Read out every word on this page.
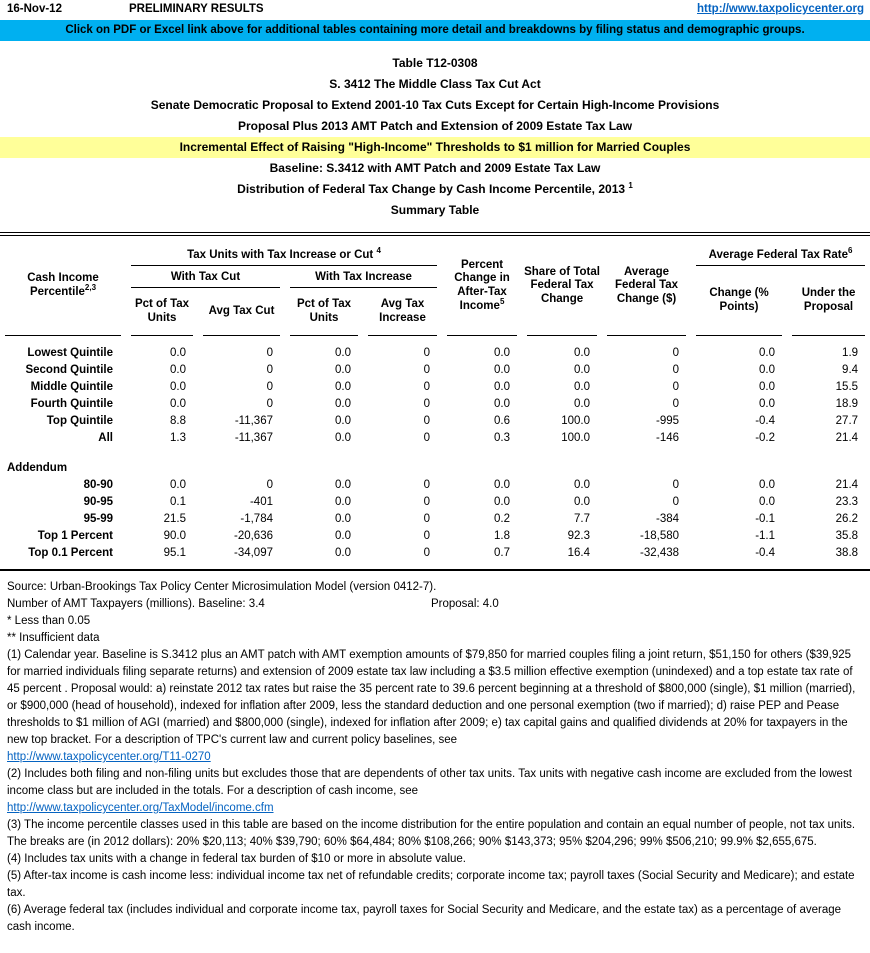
16-Nov-12	PRELIMINARY RESULTS	http://www.taxpolicycenter.org
Click on PDF or Excel link above for additional tables containing more detail and breakdowns by filing status and demographic groups.
Table T12-0308
S. 3412 The Middle Class Tax Cut Act
Senate Democratic Proposal to Extend 2001-10 Tax Cuts Except for Certain High-Income Provisions
Proposal Plus 2013 AMT Patch and Extension of 2009 Estate Tax Law
Incremental Effect of Raising "High-Income" Thresholds to $1 million for Married Couples
Baseline: S.3412 with AMT Patch and 2009 Estate Tax Law
Distribution of Federal Tax Change by Cash Income Percentile, 2013 $^1$
Summary Table
Cash Income Percentile$^{2,3}$	Tax Units with Tax Increase or Cut $^4$				Percent Change in After-Tax Income$^5$	Share of Total Federal Tax Change	Average Federal Tax Change ($)	Average Federal Tax Rate$^6$
	With Tax Cut		With Tax Increase					Change (% Points)	Under the Proposal
	Pct of Tax Units	Avg Tax Cut	Pct of Tax Units	Avg Tax Increase					
Lowest Quintile	0.0	0	0.0	0	0.0	0.0	0	0.0	1.9
Second Quintile	0.0	0	0.0	0	0.0	0.0	0	0.0	9.4
Middle Quintile	0.0	0	0.0	0	0.0	0.0	0	0.0	15.5
Fourth Quintile	0.0	0	0.0	0	0.0	0.0	0	0.0	18.9
Top Quintile	8.8	-11,367	0.0	0	0.6	100.0	-995	-0.4	27.7
All	1.3	-11,367	0.0	0	0.3	100.0	-146	-0.2	21.4
Addendum									
80-90	0.0	0	0.0	0	0.0	0.0	0	0.0	21.4
90-95	0.1	-401	0.0	0	0.0	0.0	0	0.0	23.3
95-99	21.5	-1,784	0.0	0	0.2	7.7	-384	-0.1	26.2
Top 1 Percent	90.0	-20,636	0.0	0	1.8	92.3	-18,580	-1.1	35.8
Top 0.1 Percent	95.1	-34,097	0.0	0	0.7	16.4	-32,438	-0.4	38.8
Source: Urban-Brookings Tax Policy Center Microsimulation Model (version 0412-7).
Number of AMT Taxpayers (millions). Baseline: 3.4	Proposal: 4.0
* Less than 0.05
** Insufficient data
(1) Calendar year. Baseline is S.3412 plus an AMT patch with AMT exemption amounts of $79,850 for married couples filing a joint return, $51,150 for others ($39,925 for married individuals filing separate returns) and extension of 2009 estate tax law including a $3.5 million effective exemption (unindexed) and a top estate tax rate of 45 percent . Proposal would: a) reinstate 2012 tax rates but raise the 35 percent rate to 39.6 percent beginning at a threshold of $800,000 (single), $1 million (married), or $900,000 (head of household), indexed for inflation after 2009, less the standard deduction and one personal exemption (two if married); d) raise PEP and Pease thresholds to $1 million of AGI (married) and $800,000 (single), indexed for inflation after 2009; e) tax capital gains and qualified dividends at 20% for taxpayers in the new top bracket. For a description of TPC's current law and current policy baselines, see
http://www.taxpolicycenter.org/T11-0270
(2) Includes both filing and non-filing units but excludes those that are dependents of other tax units. Tax units with negative cash income are excluded from the lowest income class but are included in the totals. For a description of cash income, see
http://www.taxpolicycenter.org/TaxModel/income.cfm
(3) The income percentile classes used in this table are based on the income distribution for the entire population and contain an equal number of people, not tax units. The breaks are (in 2012 dollars): 20% $20,113; 40% $39,790; 60% $64,484; 80% $108,266; 90% $143,373; 95% $204,296; 99% $506,210; 99.9% $2,655,675.
(4) Includes tax units with a change in federal tax burden of $10 or more in absolute value.
(5) After-tax income is cash income less: individual income tax net of refundable credits; corporate income tax; payroll taxes (Social Security and Medicare); and estate tax.
(6) Average federal tax (includes individual and corporate income tax, payroll taxes for Social Security and Medicare, and the estate tax) as a percentage of average cash income.
